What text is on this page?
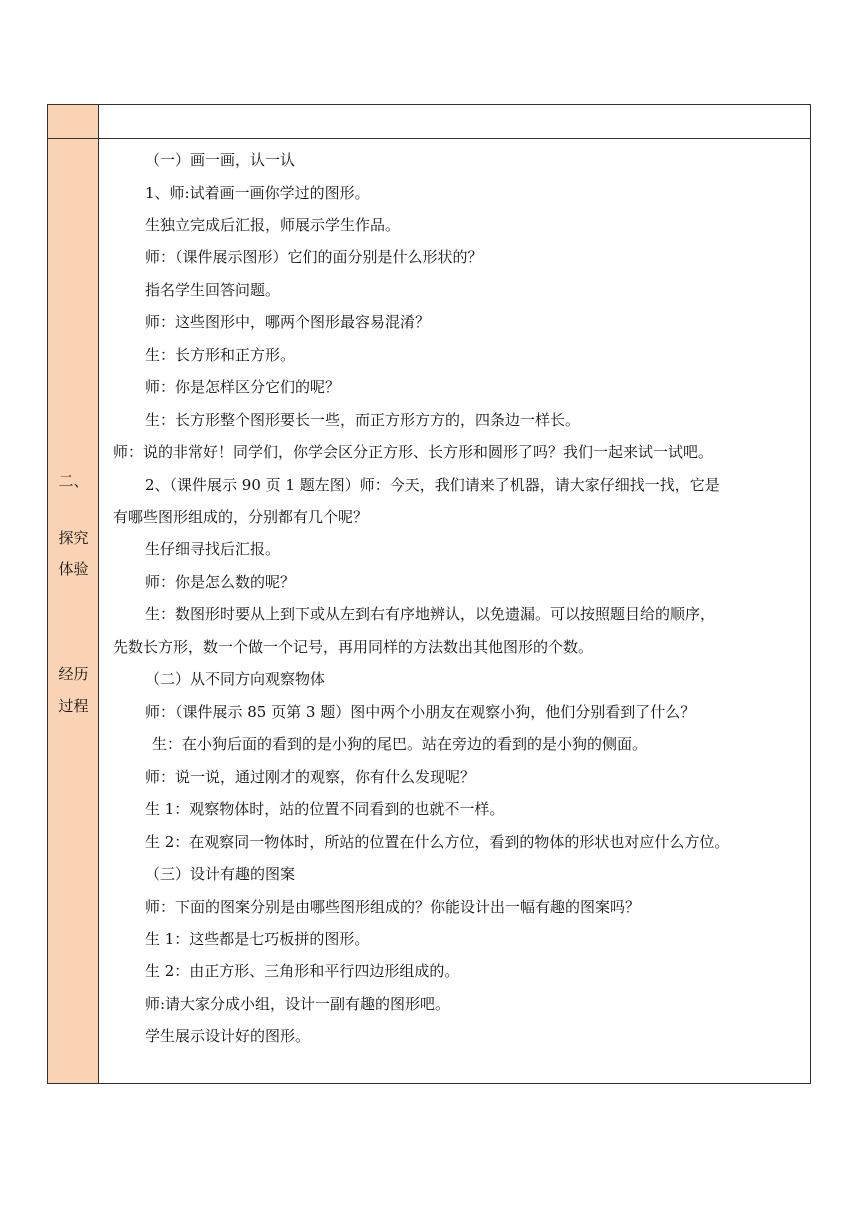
二、
探究
体验
经历
过程
（一）画一画，认一认
1、师:试着画一画你学过的图形。
生独立完成后汇报，师展示学生作品。
师：（课件展示图形）它们的面分别是什么形状的？
指名学生回答问题。
师：这些图形中，哪两个图形最容易混淆？
生：长方形和正方形。
师：你是怎样区分它们的呢？
生：长方形整个图形要长一些，而正方形方方的，四条边一样长。
师：说的非常好！同学们，你学会区分正方形、长方形和圆形了吗？我们一起来试一试吧。
2、（课件展示 90 页 1 题左图）师：今天，我们请来了机器，请大家仔细找一找，它是
有哪些图形组成的，分别都有几个呢？
生仔细寻找后汇报。
师：你是怎么数的呢？
生：数图形时要从上到下或从左到右有序地辨认，以免遗漏。可以按照题目给的顺序，
先数长方形，数一个做一个记号，再用同样的方法数出其他图形的个数。
（二）从不同方向观察物体
师：（课件展示 85 页第 3 题）图中两个小朋友在观察小狗，他们分别看到了什么？
生：在小狗后面的看到的是小狗的尾巴。站在旁边的看到的是小狗的侧面。
师：说一说，通过刚才的观察，你有什么发现呢？
生 1：观察物体时，站的位置不同看到的也就不一样。
生 2：在观察同一物体时，所站的位置在什么方位，看到的物体的形状也对应什么方位。
（三）设计有趣的图案
师：下面的图案分别是由哪些图形组成的？你能设计出一幅有趣的图案吗？
生 1：这些都是七巧板拼的图形。
生 2：由正方形、三角形和平行四边形组成的。
师:请大家分成小组，设计一副有趣的图形吧。
学生展示设计好的图形。
